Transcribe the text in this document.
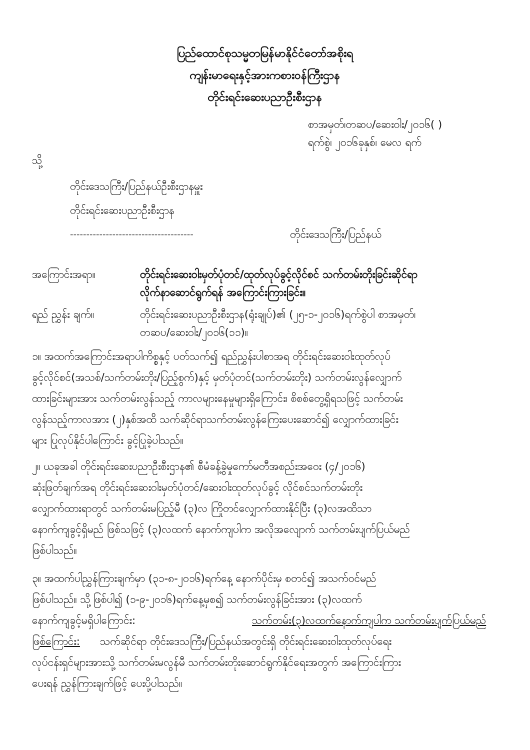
ပြည်ထောင်စုသမ္မတမြန်မာနိုင်ငံတော်အစိုးရ
ကျန်းမာရေးနှင့်အားကစားဝန်ကြီးဌာန
တိုင်းရင်းဆေးပညာဦးစီးဌာန
စာအမှတ်၊တဆပ/ဆေး၀ါး/၂၀၁၆( )
ရက်စွဲ၊ ၂၀၁၆ခုနှစ်၊ မေလ ရက်
သို့
တိုင်းဒေသကြီး/ပြည်နယ်ဦးစီးဌာနမှူး
တိုင်းရင်းဆေးပညာဦးစီးဌာန
--------------------------------------	တိုင်းဒေသကြီး/ပြည်နယ်
အကြောင်းအရာ။	တိုင်းရင်းဆေးဝါးမှတ်ပုံတင်/ထုတ်လုပ်ခွင့်လိုင်စင် သက်တမ်းတိုးခြင်းဆိုင်ရာ
လိုက်နာဆောင်ရွက်ရန် အကြောင်းကြားခြင်း။
ရည် ညွှန်း ချက်။	တိုင်းရင်းဆေးပညာဦးစီးဌာန(ရုံးချုပ်)၏ (၂၅-၁-၂၀၁၆)ရက်စွဲပါ စာအမှတ်၊
တဆပ/ဆေး၀ါး/၂၀၁၆(၁၁)။
၁။ အထက်အကြောင်းအရာပါကိစ္စနှင့် ပတ်သက်၍ ရည်ညွှန်းပါစာအရ တိုင်းရင်းဆေးဝါးထုတ်လုပ်
ခွင့်လိုင်စင်(အသစ်/သက်တမ်းတိုး/ပြည့်စွက်)နှင့် မှတ်ပုံတင်(သက်တမ်းတိုး) သက်တမ်းလွန်လျှောက်
ထားခြင်းများအား သက်တမ်းလွန်သည့် ကာလများနေမှုများရှိကြောင်း၊ စိစစ်တွေ့ရှိရသဖြင့် သက်တမ်း
လွန်သည့်ကာလအား (၂)နှစ်အထိ သက်ဆိုင်ရာသက်တမ်းလွန်ကြေးပေးဆောင်၍ လျှောက်ထားခြင်း
များ ပြုလုပ်နိုင်ပါကြောင်း ခွင့်ပြုခဲ့ပါသည်။
၂။ ယခုအခါ တိုင်းရင်းဆေးပညာဦးစီးဌာန၏ စီမံခန့်ခွဲမှုကော်မတီအစည်းအဝေး (၄/၂၀၁၆)
ဆုံးဖြတ်ချက်အရ တိုင်းရင်းဆေးဝါးမှတ်ပုံတင်/ဆေး၀ါးထုတ်လုပ်ခွင့် လိုင်စင်သက်တမ်းတိုး
လျှောက်ထားရာတွင် သက်တမ်းမပြည့်မီ (၃)လ ကြိုတင်လျှောက်ထားနိုင်ပြီး (၃)လအထိသာ
နောက်ကျခွင့်ရှိမည် ဖြစ်သဖြင့် (၃)လထက် နောက်ကျပါက အလိုအလျောက် သက်တမ်းပျက်ပြယ်မည်
ဖြစ်ပါသည်။
၃။ အထက်ပါညွှန်ကြားချက်မှာ (၃၁-၈-၂၀၁၆)ရက်နေ့ နောက်ပိုင်းမှ စတင်၍ အသက်ဝင်မည်
ဖြစ်ပါသည်။ သို့ဖြစ်ပါ၍ (၁-၉-၂၀၁၆)ရက်နေ့မှစ၍ သက်တမ်းလွန်ခြင်းအား (၃)လထက်
နောက်ကျခွင့်မရှိပါကြောင်း:	သက်တမ်း(၃)လထက်နောက်ကျပါက သက်တမ်းပျက်ပြယ်မည်
ဖြစ်ကြောင်း: သက်ဆိုင်ရာ တိုင်းဒေသကြီး/ပြည်နယ်အတွင်းရှိ တိုင်းရင်းဆေးဝါးထုတ်လုပ်ရေး
လုပ်ငန်းရှင်များအားသို့ သက်တမ်းမလွန်မီ သက်တမ်းတိုးဆောင်ရွက်နိုင်ရေးအတွက် အကြောင်းကြား
ပေးရန် ညွှန်ကြားချက်ဖြင့် ပေးပို့ပါသည်။
